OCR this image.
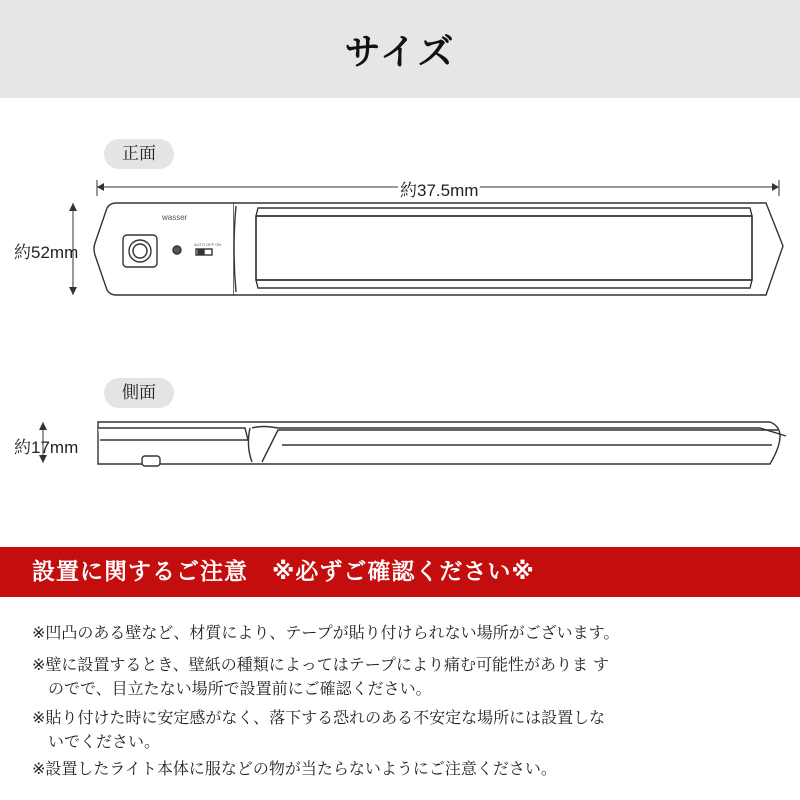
サイズ
正面
wasser
AUTO OFF ON
約37.5mm
約52mm
側面
約17mm
設置に関するご注意　※必ずご確認ください※
※凹凸のある壁など、材質により、テープが貼り付けられない場所がございます。
※壁に設置するとき、壁紙の種類によってはテープにより痛む可能性がありま す
　のでで、目立たない場所で設置前にご確認ください。
※貼り付けた時に安定感がなく、落下する恐れのある不安定な場所には設置しな
　いでください。
※設置したライト本体に服などの物が当たらないようにご注意ください。
